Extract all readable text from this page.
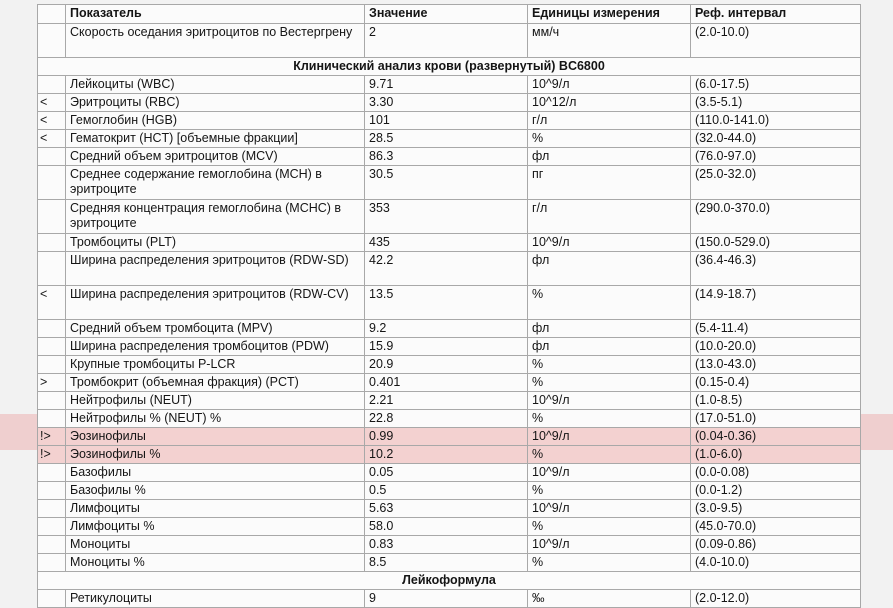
	Показатель	Значение	Единицы измерения	Реф. интервал
	Скорость оседания эритроцитов по Вестергрену	2	мм/ч	(2.0-10.0)
Клинический анализ крови (развернутый) BC6800				
	Лейкоциты (WBC)	9.71	10^9/л	(6.0-17.5)
<	Эритроциты (RBC)	3.30	10^12/л	(3.5-5.1)
<	Гемоглобин (HGB)	101	г/л	(110.0-141.0)
<	Гематокрит (HCT) [объемные фракции]	28.5	%	(32.0-44.0)
	Средний объем эритроцитов (MCV)	86.3	фл	(76.0-97.0)
	Среднее содержание гемоглобина (MCH) в эритроците	30.5	пг	(25.0-32.0)
	Средняя концентрация гемоглобина (MCHC) в эритроците	353	г/л	(290.0-370.0)
	Тромбоциты (PLT)	435	10^9/л	(150.0-529.0)
	Ширина распределения эритроцитов (RDW-SD)	42.2	фл	(36.4-46.3)
<	Ширина распределения эритроцитов (RDW-CV)	13.5	%	(14.9-18.7)
	Средний объем тромбоцита (MPV)	9.2	фл	(5.4-11.4)
	Ширина распределения тромбоцитов (PDW)	15.9	фл	(10.0-20.0)
	Крупные тромбоциты P-LCR	20.9	%	(13.0-43.0)
>	Тромбокрит (объемная фракция) (PCT)	0.401	%	(0.15-0.4)
	Нейтрофилы (NEUT)	2.21	10^9/л	(1.0-8.5)
	Нейтрофилы % (NEUT) %	22.8	%	(17.0-51.0)
!>	Эозинофилы	0.99	10^9/л	(0.04-0.36)
!>	Эозинофилы %	10.2	%	(1.0-6.0)
	Базофилы	0.05	10^9/л	(0.0-0.08)
	Базофилы %	0.5	%	(0.0-1.2)
	Лимфоциты	5.63	10^9/л	(3.0-9.5)
	Лимфоциты %	58.0	%	(45.0-70.0)
	Моноциты	0.83	10^9/л	(0.09-0.86)
	Моноциты %	8.5	%	(4.0-10.0)
Лейкоформула				
	Ретикулоциты	9	‰	(2.0-12.0)
